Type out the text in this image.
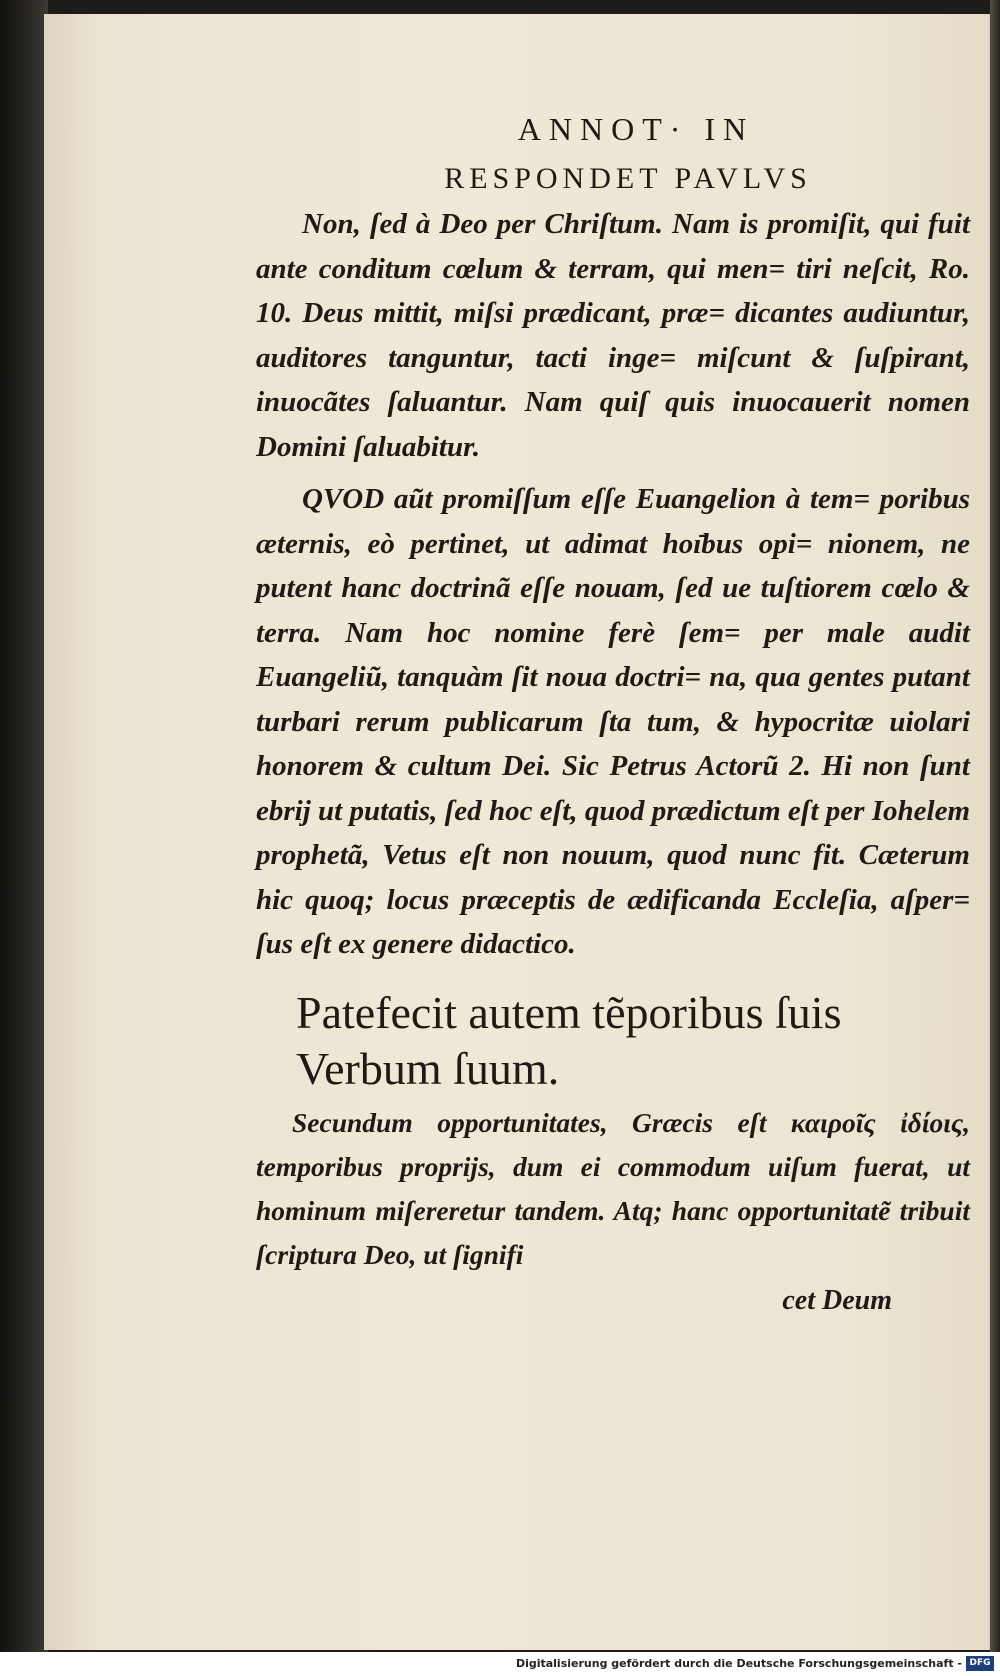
ANNOT· IN

RESPONDET PAVLVS

Non, ſed à Deo per Chriſtum. Nam is promiſit, qui fuit ante conditum cœlum & terram, qui men= tiri neſcit, Ro. 10. Deus mittit, miſsi prædicant, præ= dicantes audiuntur, auditores tanguntur, tacti inge= miſcunt & ſuſpirant, inuocãtes ſaluantur. Nam quiſ quis inuocauerit nomen Domini ſaluabitur.

QVOD aũt promiſſum eſſe Euangelion à tem= poribus æternis, eò pertinet, ut adimat hoı̄bus opi= nionem, ne putent hanc doctrinã eſſe nouam, ſed ue tuſtiorem cœlo & terra. Nam hoc nomine ferè ſem= per male audit Euangeliũ, tanquàm ſit noua doctri= na, qua gentes putant turbari rerum publicarum ſta tum, & hypocritæ uiolari honorem & cultum Dei. Sic Petrus Actorũ 2. Hi non ſunt ebrij ut putatis, ſed hoc eſt, quod prædictum eſt per Iohelem prophetã, Vetus eſt non nouum, quod nunc fit. Cæterum hic quoq; locus præceptis de ædificanda Eccleſia, aſper= ſus eſt ex genere didactico.

Patefecit autem tẽporibus ſuis Verbum ſuum.

Secundum opportunitates, Græcis eſt καιροῖς ἰδίοις, temporibus proprijs, dum ei commodum uiſum fuerat, ut hominum miſereretur tandem. Atq; hanc opportunitatẽ tribuit ſcriptura Deo, ut ſignifi

cet Deum

Digitalisierung gefördert durch die Deutsche Forschungsgemeinschaft - DFG
